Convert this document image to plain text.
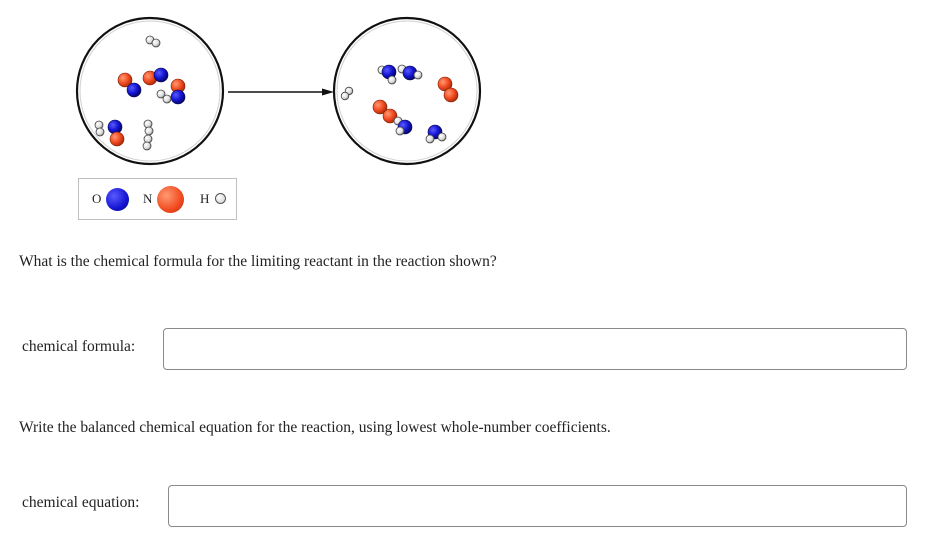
O	N	H
What is the chemical formula for the limiting reactant in the reaction shown?
chemical formula:
Write the balanced chemical equation for the reaction, using lowest whole-number coefficients.
chemical equation:
